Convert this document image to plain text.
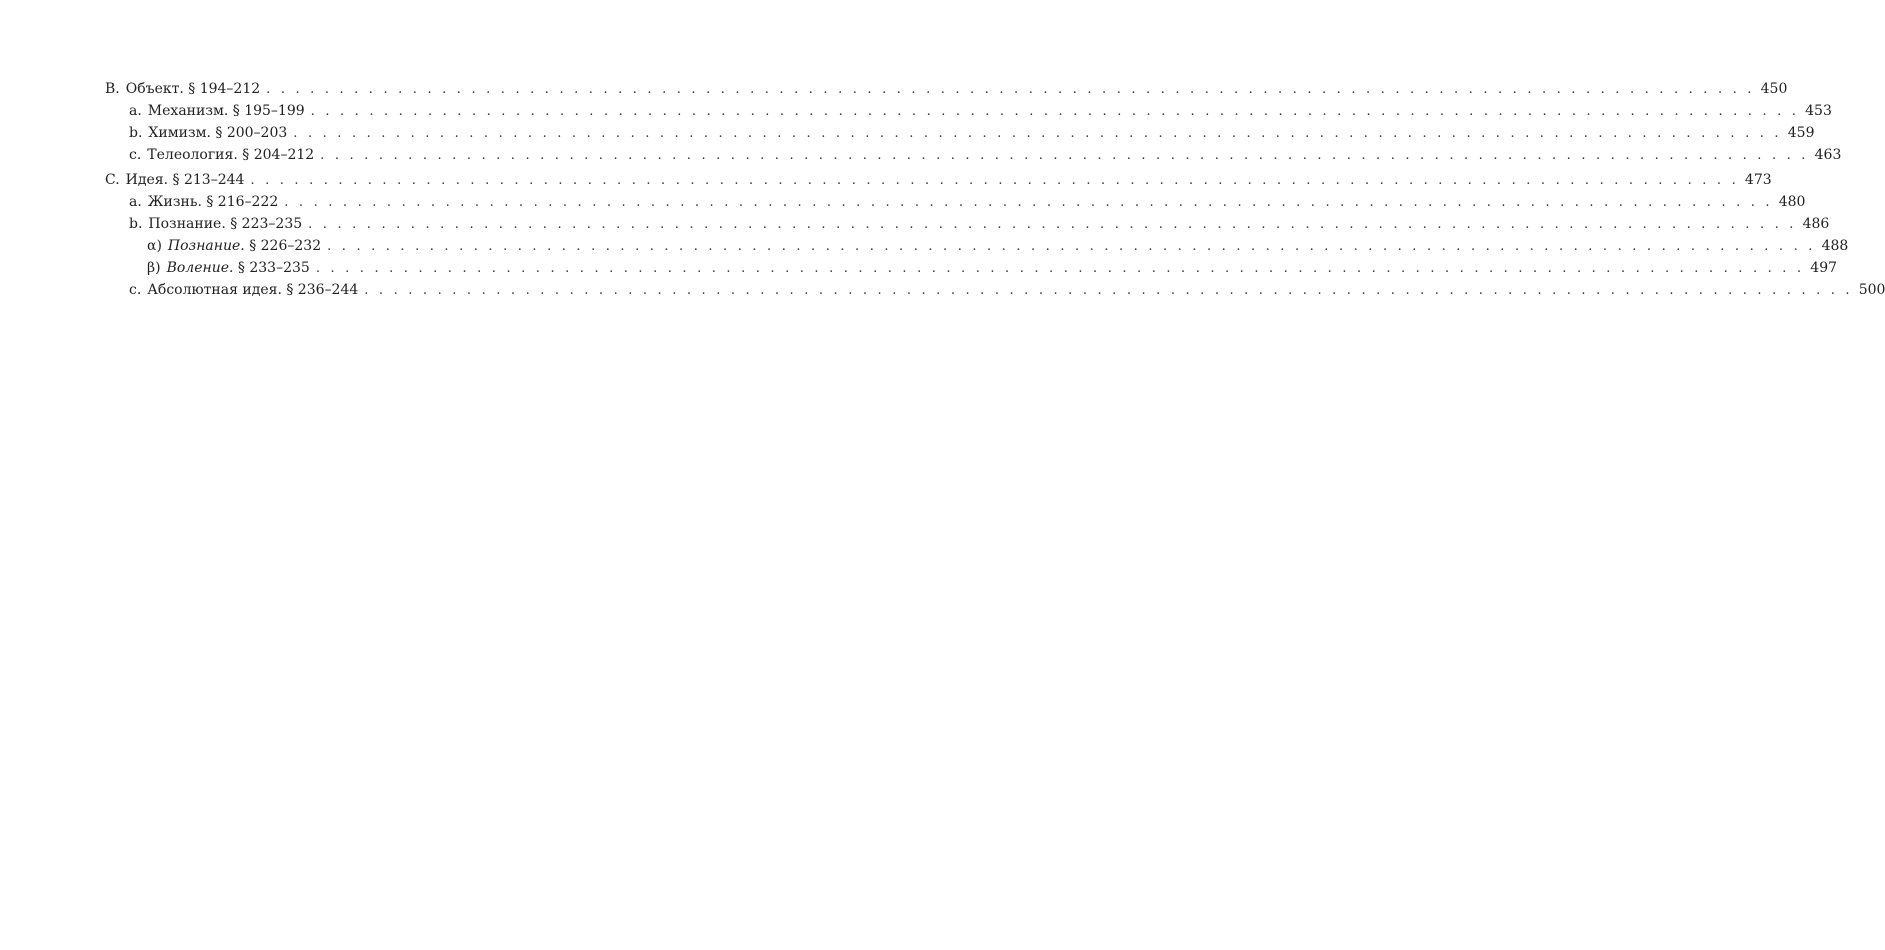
B. Объект. § 194–212 . . . . . . . . . . . . . . . . . . . . . . . . . . . . . . . . . . . . . . . . . . . . . . . . . . . . . . . . . . . . . . . . . . . . . . . . . . . . . . . . . . . . . . . . . . . . . . . . . . . . . . 450
a. Механизм. § 195–199 . . . . . . . . . . . . . . . . . . . . . . . . . . . . . . . . . . . . . . . . . . . . . . . . . . . . . . . . . . . . . . . . . . . . . . . . . . . . . . . . . . . . . . . . . . . . . . . . . . . . . . 453
b. Химизм. § 200–203 . . . . . . . . . . . . . . . . . . . . . . . . . . . . . . . . . . . . . . . . . . . . . . . . . . . . . . . . . . . . . . . . . . . . . . . . . . . . . . . . . . . . . . . . . . . . . . . . . . . . . . 459
c. Телеология. § 204–212 . . . . . . . . . . . . . . . . . . . . . . . . . . . . . . . . . . . . . . . . . . . . . . . . . . . . . . . . . . . . . . . . . . . . . . . . . . . . . . . . . . . . . . . . . . . . . . . . . . . . . . 463
C. Идея. § 213–244 . . . . . . . . . . . . . . . . . . . . . . . . . . . . . . . . . . . . . . . . . . . . . . . . . . . . . . . . . . . . . . . . . . . . . . . . . . . . . . . . . . . . . . . . . . . . . . . . . . . . . . 473
a. Жизнь. § 216–222 . . . . . . . . . . . . . . . . . . . . . . . . . . . . . . . . . . . . . . . . . . . . . . . . . . . . . . . . . . . . . . . . . . . . . . . . . . . . . . . . . . . . . . . . . . . . . . . . . . . . . . 480
b. Познание. § 223–235 . . . . . . . . . . . . . . . . . . . . . . . . . . . . . . . . . . . . . . . . . . . . . . . . . . . . . . . . . . . . . . . . . . . . . . . . . . . . . . . . . . . . . . . . . . . . . . . . . . . . . . 486
α) Познание. § 226–232 . . . . . . . . . . . . . . . . . . . . . . . . . . . . . . . . . . . . . . . . . . . . . . . . . . . . . . . . . . . . . . . . . . . . . . . . . . . . . . . . . . . . . . . . . . . . . . . . . . . . . . 488
β) Воление. § 233–235 . . . . . . . . . . . . . . . . . . . . . . . . . . . . . . . . . . . . . . . . . . . . . . . . . . . . . . . . . . . . . . . . . . . . . . . . . . . . . . . . . . . . . . . . . . . . . . . . . . . . . . 497
c. Абсолютная идея. § 236–244 . . . . . . . . . . . . . . . . . . . . . . . . . . . . . . . . . . . . . . . . . . . . . . . . . . . . . . . . . . . . . . . . . . . . . . . . . . . . . . . . . . . . . . . . . . . . . . . . . . . . . . 500
